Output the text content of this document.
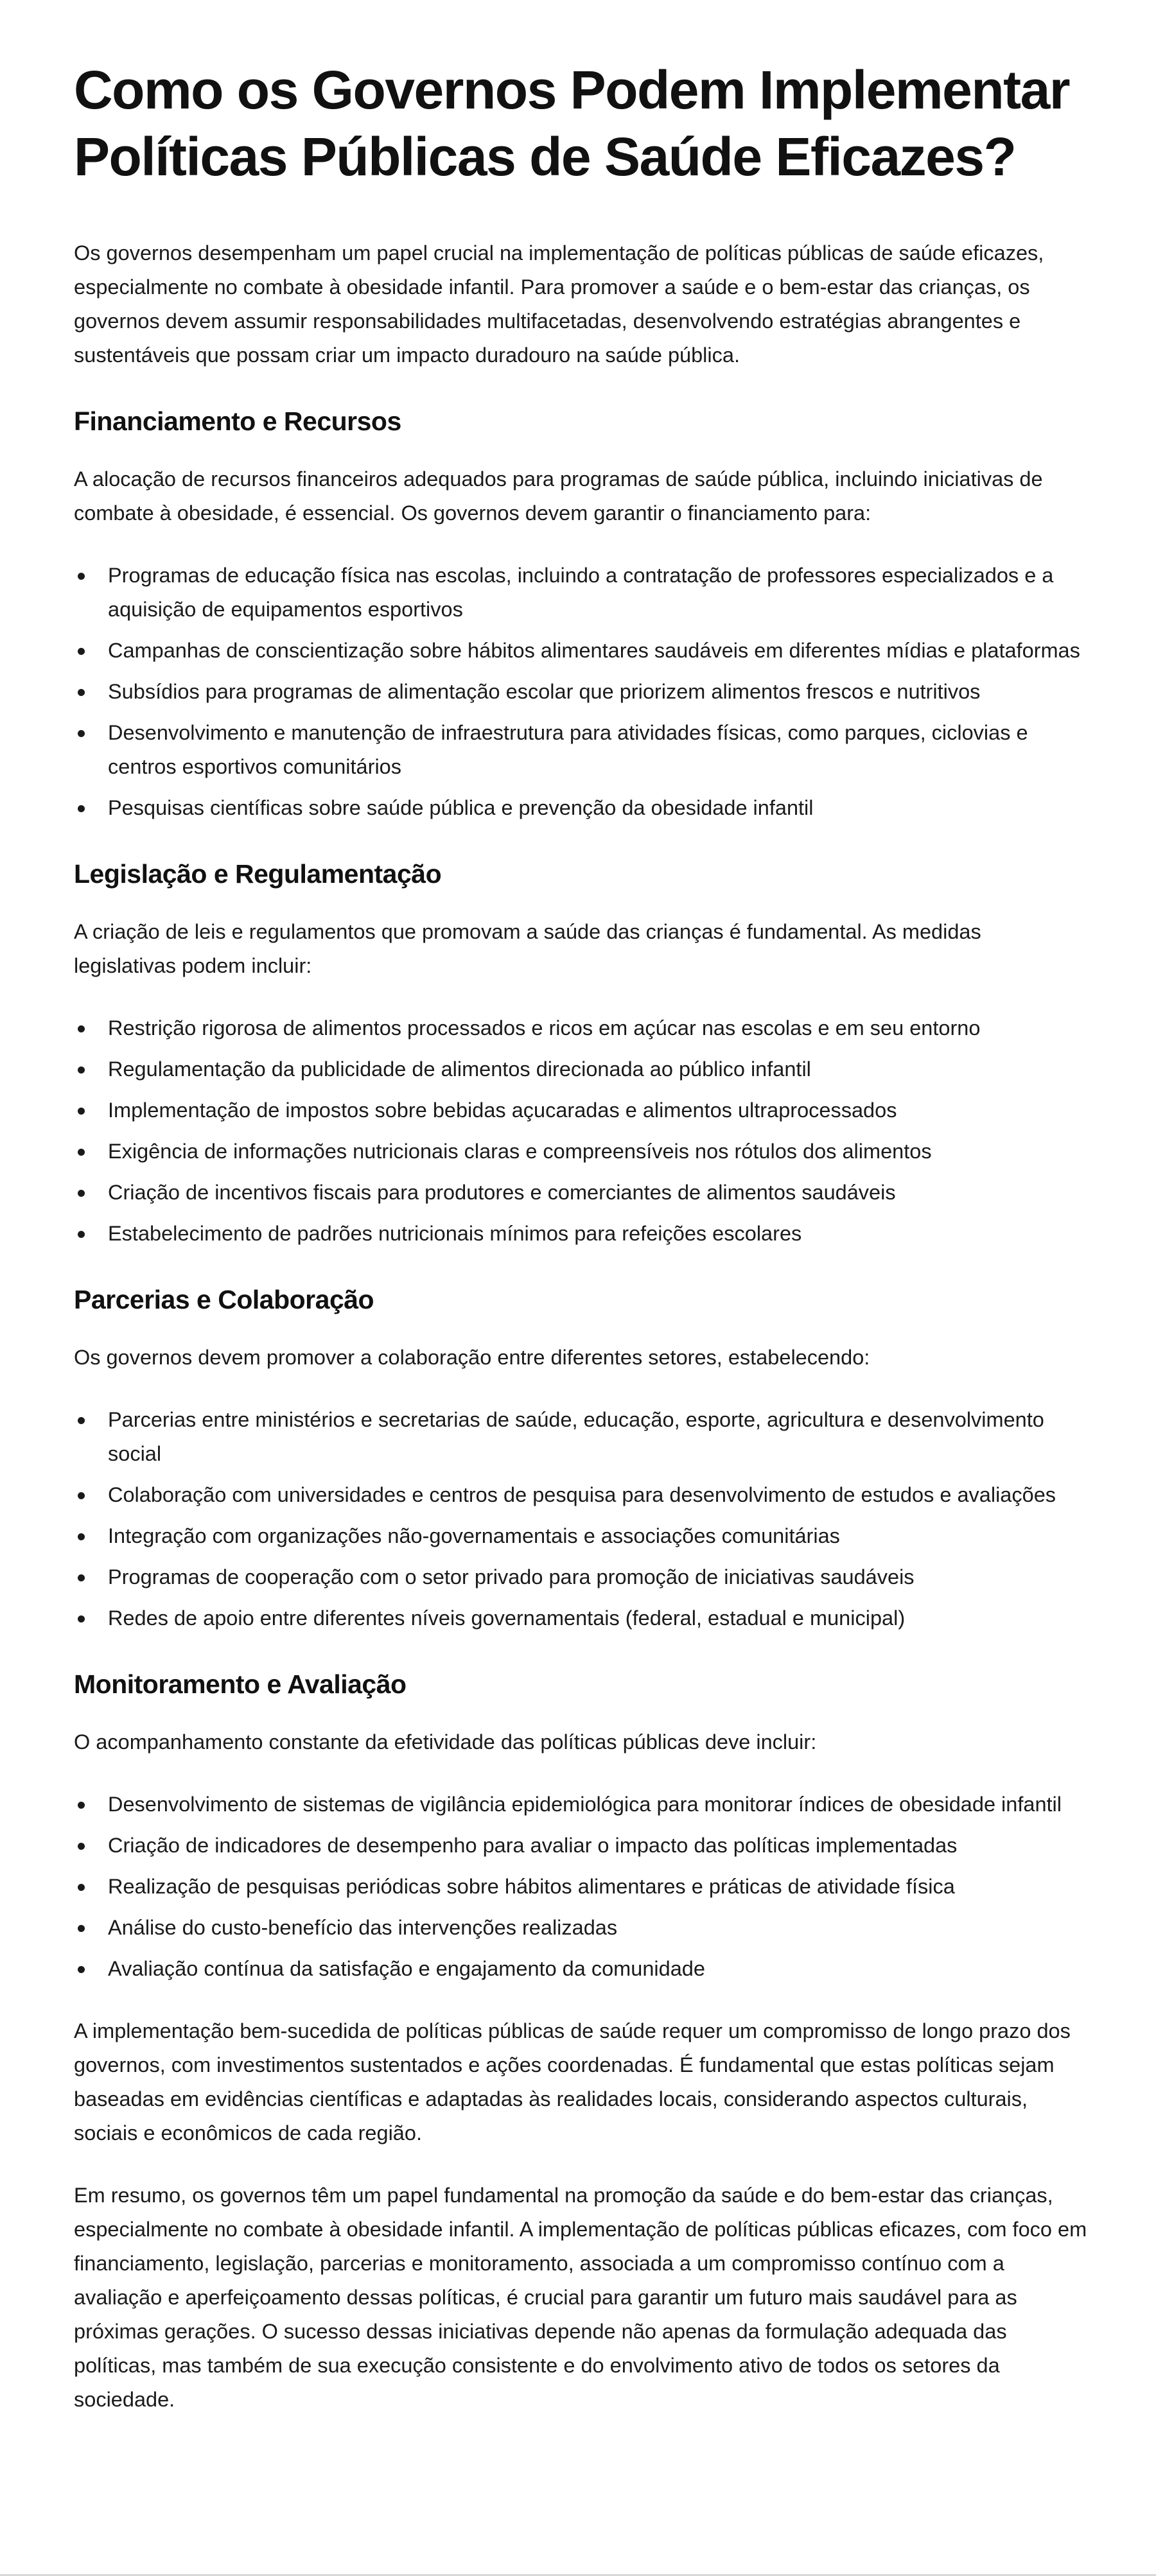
Como os Governos Podem Implementar Políticas Públicas de Saúde Eficazes?

Os governos desempenham um papel crucial na implementação de políticas públicas de saúde eficazes, especialmente no combate à obesidade infantil. Para promover a saúde e o bem-estar das crianças, os governos devem assumir responsabilidades multifacetadas, desenvolvendo estratégias abrangentes e sustentáveis que possam criar um impacto duradouro na saúde pública.

Financiamento e Recursos

A alocação de recursos financeiros adequados para programas de saúde pública, incluindo iniciativas de combate à obesidade, é essencial. Os governos devem garantir o financiamento para:

Programas de educação física nas escolas, incluindo a contratação de professores especializados e a aquisição de equipamentos esportivos
Campanhas de conscientização sobre hábitos alimentares saudáveis em diferentes mídias e plataformas
Subsídios para programas de alimentação escolar que priorizem alimentos frescos e nutritivos
Desenvolvimento e manutenção de infraestrutura para atividades físicas, como parques, ciclovias e centros esportivos comunitários
Pesquisas científicas sobre saúde pública e prevenção da obesidade infantil
Legislação e Regulamentação

A criação de leis e regulamentos que promovam a saúde das crianças é fundamental. As medidas legislativas podem incluir:

Restrição rigorosa de alimentos processados e ricos em açúcar nas escolas e em seu entorno
Regulamentação da publicidade de alimentos direcionada ao público infantil
Implementação de impostos sobre bebidas açucaradas e alimentos ultraprocessados
Exigência de informações nutricionais claras e compreensíveis nos rótulos dos alimentos
Criação de incentivos fiscais para produtores e comerciantes de alimentos saudáveis
Estabelecimento de padrões nutricionais mínimos para refeições escolares
Parcerias e Colaboração

Os governos devem promover a colaboração entre diferentes setores, estabelecendo:

Parcerias entre ministérios e secretarias de saúde, educação, esporte, agricultura e desenvolvimento social
Colaboração com universidades e centros de pesquisa para desenvolvimento de estudos e avaliações
Integração com organizações não-governamentais e associações comunitárias
Programas de cooperação com o setor privado para promoção de iniciativas saudáveis
Redes de apoio entre diferentes níveis governamentais (federal, estadual e municipal)
Monitoramento e Avaliação

O acompanhamento constante da efetividade das políticas públicas deve incluir:

Desenvolvimento de sistemas de vigilância epidemiológica para monitorar índices de obesidade infantil
Criação de indicadores de desempenho para avaliar o impacto das políticas implementadas
Realização de pesquisas periódicas sobre hábitos alimentares e práticas de atividade física
Análise do custo-benefício das intervenções realizadas
Avaliação contínua da satisfação e engajamento da comunidade

A implementação bem-sucedida de políticas públicas de saúde requer um compromisso de longo prazo dos governos, com investimentos sustentados e ações coordenadas. É fundamental que estas políticas sejam baseadas em evidências científicas e adaptadas às realidades locais, considerando aspectos culturais, sociais e econômicos de cada região.

Em resumo, os governos têm um papel fundamental na promoção da saúde e do bem-estar das crianças, especialmente no combate à obesidade infantil. A implementação de políticas públicas eficazes, com foco em financiamento, legislação, parcerias e monitoramento, associada a um compromisso contínuo com a avaliação e aperfeiçoamento dessas políticas, é crucial para garantir um futuro mais saudável para as próximas gerações. O sucesso dessas iniciativas depende não apenas da formulação adequada das políticas, mas também de sua execução consistente e do envolvimento ativo de todos os setores da sociedade.
